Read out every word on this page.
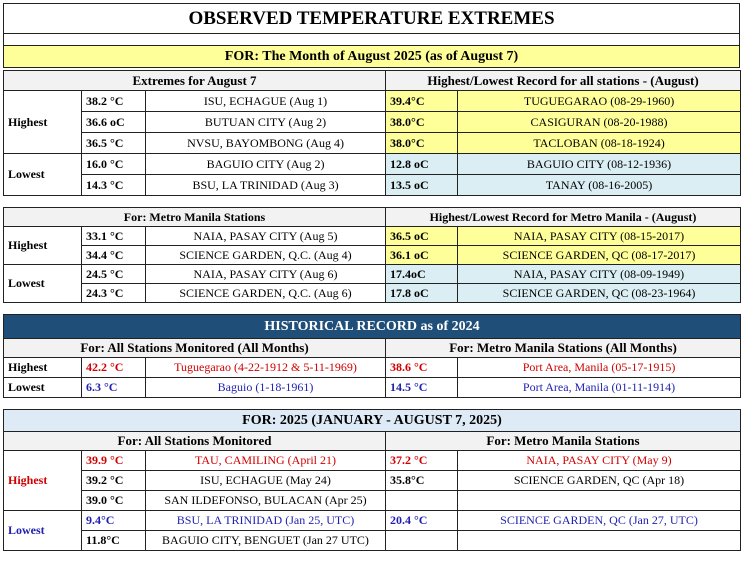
OBSERVED TEMPERATURE EXTREMES

FOR: The Month of August 2025 (as of August 7)
Extremes for August 7			Highest/Lowest Record for all stations - (August)	
Highest	38.2 °C	ISU, ECHAGUE (Aug 1)	39.4°C	TUGUEGARAO (08-29-1960)
	36.6 oC	BUTUAN CITY (Aug 2)	38.0°C	CASIGURAN (08-20-1988)
	36.5 °C	NVSU, BAYOMBONG (Aug 4)	38.0°C	TACLOBAN (08-18-1924)
Lowest	16.0 °C	BAGUIO CITY (Aug 2)	12.8 oC	BAGUIO CITY (08-12-1936)
	14.3 °C	BSU, LA TRINIDAD (Aug 3)	13.5 oC	TANAY (08-16-2005)
For: Metro Manila Stations			Highest/Lowest Record for Metro Manila - (August)	
Highest	33.1 °C	NAIA, PASAY CITY (Aug 5)	36.5 oC	NAIA, PASAY CITY (08-15-2017)
	34.4 °C	SCIENCE GARDEN, Q.C. (Aug 4)	36.1 oC	SCIENCE GARDEN, QC (08-17-2017)
Lowest	24.5 °C	NAIA, PASAY CITY (Aug 6)	17.4oC	NAIA, PASAY CITY (08-09-1949)
	24.3 °C	SCIENCE GARDEN, Q.C. (Aug 6)	17.8 oC	SCIENCE GARDEN, QC (08-23-1964)
HISTORICAL RECORD as of 2024				
For: All Stations Monitored (All Months)			For: Metro Manila Stations (All Months)	
Highest	42.2 °C	Tuguegarao (4-22-1912 & 5-11-1969)	38.6 °C	Port Area, Manila (05-17-1915)
Lowest	6.3 °C	Baguio (1-18-1961)	14.5 °C	Port Area, Manila (01-11-1914)
FOR: 2025 (JANUARY - AUGUST 7, 2025)				
For: All Stations Monitored			For: Metro Manila Stations	
Highest	39.9 °C	TAU, CAMILING (April 21)	37.2 °C	NAIA, PASAY CITY (May 9)
	39.2 °C	ISU, ECHAGUE (May 24)	35.8°C	SCIENCE GARDEN, QC (Apr 18)
	39.0 °C	SAN ILDEFONSO, BULACAN (Apr 25)		
Lowest	9.4°C	BSU, LA TRINIDAD (Jan 25, UTC)	20.4 °C	SCIENCE GARDEN, QC (Jan 27, UTC)
	11.8°C	BAGUIO CITY, BENGUET (Jan 27 UTC)		
